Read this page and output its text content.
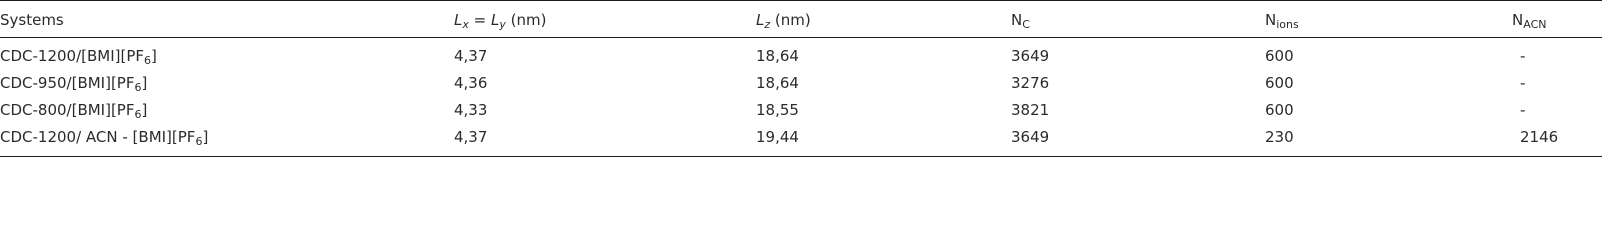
Systems	$L_x = L_y$ (nm)	$L_z$ (nm)	$N_C$	$N_{ions}$	$N_{ACN}$
CDC-$1200/[BMI][PF_6]$	4,37	18,64	3649	600	-
CDC-$950/[BMI][PF_6]$	4,36	18,64	3276	600	-
CDC-$800/[BMI][PF_6]$	4,33	18,55	3821	600	-
CDC-1200/ ACN - $[BMI][PF_6]$	4,37	19,44	3649	230	2146
